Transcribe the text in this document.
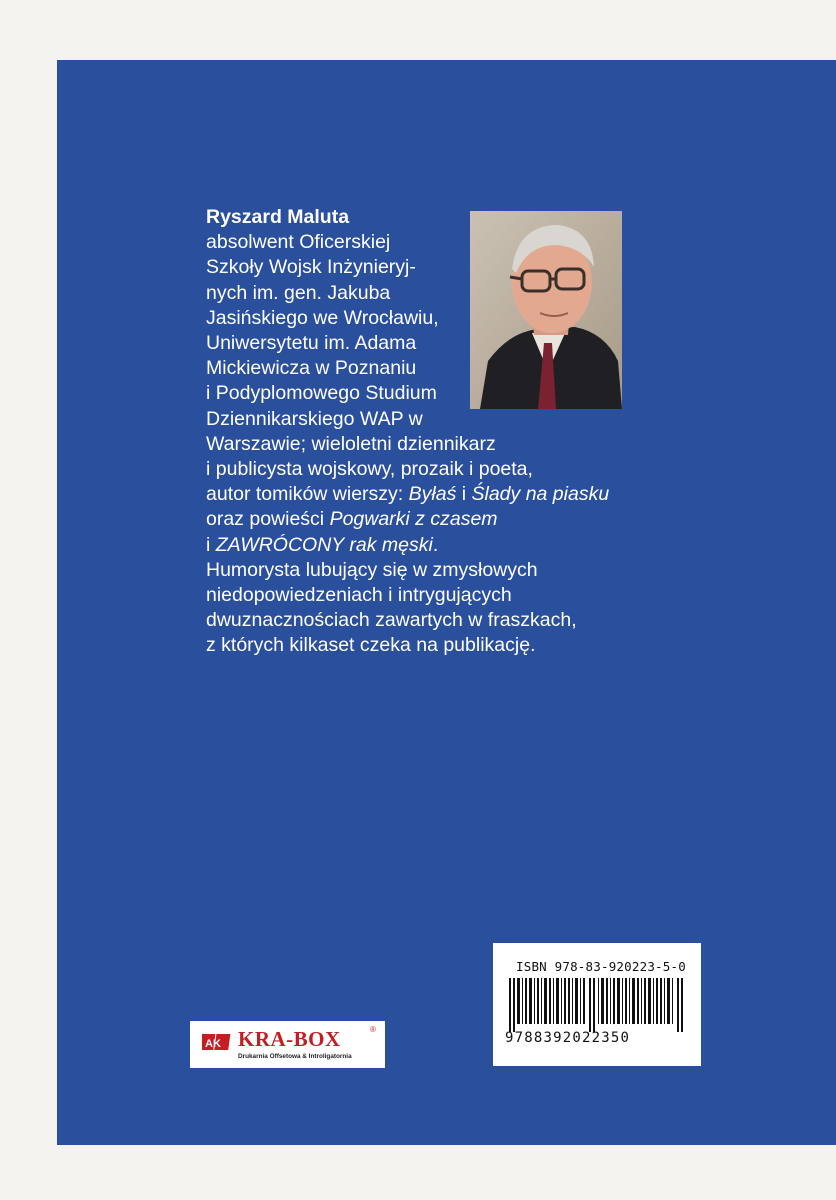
Ryszard Maluta
absolwent Oficerskiej
Szkoły Wojsk Inżynieryj-
nych im. gen. Jakuba
Jasińskiego we Wrocławiu,
Uniwersytetu im. Adama
Mickiewicza w Poznaniu
i Podyplomowego Studium
Dziennikarskiego WAP w
Warszawie; wieloletni dziennikarz
i publicysta wojskowy, prozaik i poeta,
autor tomików wierszy: Byłaś i Ślady na piasku
oraz powieści Pogwarki z czasem
i ZAWRÓCONY rak męski.
Humorysta lubujący się w zmysłowych
niedopowiedzeniach i intrygujących
dwuznacznościach zawartych w fraszkach,
z których kilkaset czeka na publikację.
ISBN 978-83-920223-5-0
9788392022350
AK KRA-BOX	®
Drukarnia Offsetowa & Introligatornia
